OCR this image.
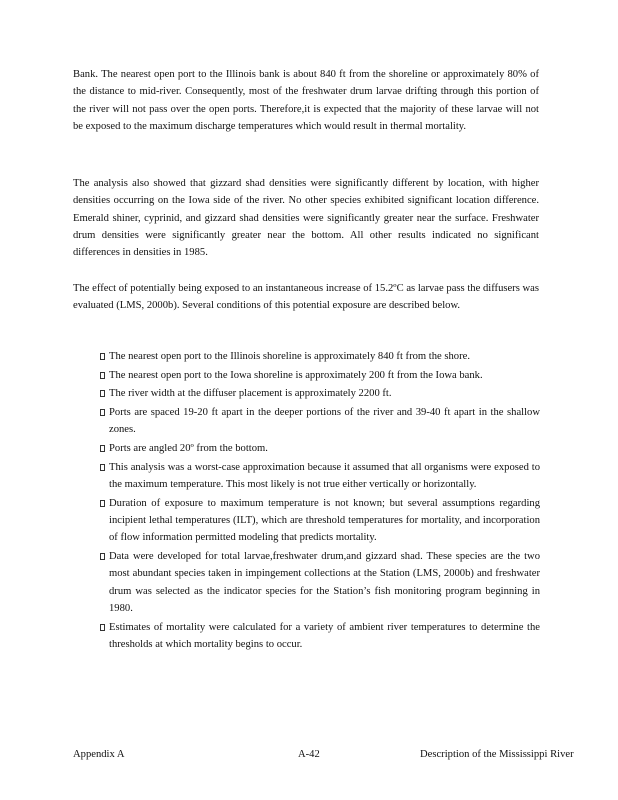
Bank. The nearest open port to the Illinois bank is about 840 ft from the shoreline or approximately 80% of the distance to mid-river. Consequently, most of the freshwater drum larvae drifting through this portion of the river will not pass over the open ports. Therefore,it is expected that the majority of these larvae will not be exposed to the maximum discharge temperatures which would result in thermal mortality.

The analysis also showed that gizzard shad densities were significantly different by location, with higher densities occurring on the Iowa side of the river. No other species exhibited significant location difference. Emerald shiner, cyprinid, and gizzard shad densities were significantly greater near the surface. Freshwater drum densities were significantly greater near the bottom. All other results indicated no significant differences in densities in 1985.

The effect of potentially being exposed to an instantaneous increase of 15.2ºC as larvae pass the diffusers was evaluated (LMS, 2000b). Several conditions of this potential exposure are described below.

The nearest open port to the Illinois shoreline is approximately 840 ft from the shore.
The nearest open port to the Iowa shoreline is approximately 200 ft from the Iowa bank.
The river width at the diffuser placement is approximately 2200 ft.
Ports are spaced 19-20 ft apart in the deeper portions of the river and 39-40 ft apart in the shallow zones.
Ports are angled 20º from the bottom.
This analysis was a worst-case approximation because it assumed that all organisms were exposed to the maximum temperature. This most likely is not true either vertically or horizontally.
Duration of exposure to maximum temperature is not known; but several assumptions regarding incipient lethal temperatures (ILT), which are threshold temperatures for mortality, and incorporation of flow information permitted modeling that predicts mortality.
Data were developed for total larvae,freshwater drum,and gizzard shad. These species are the two most abundant species taken in impingement collections at the Station (LMS, 2000b) and freshwater drum was selected as the indicator species for the Station’s fish monitoring program beginning in 1980.
Estimates of mortality were calculated for a variety of ambient river temperatures to determine the thresholds at which mortality begins to occur.
Appendix A	A-42	Description of the Mississippi River
